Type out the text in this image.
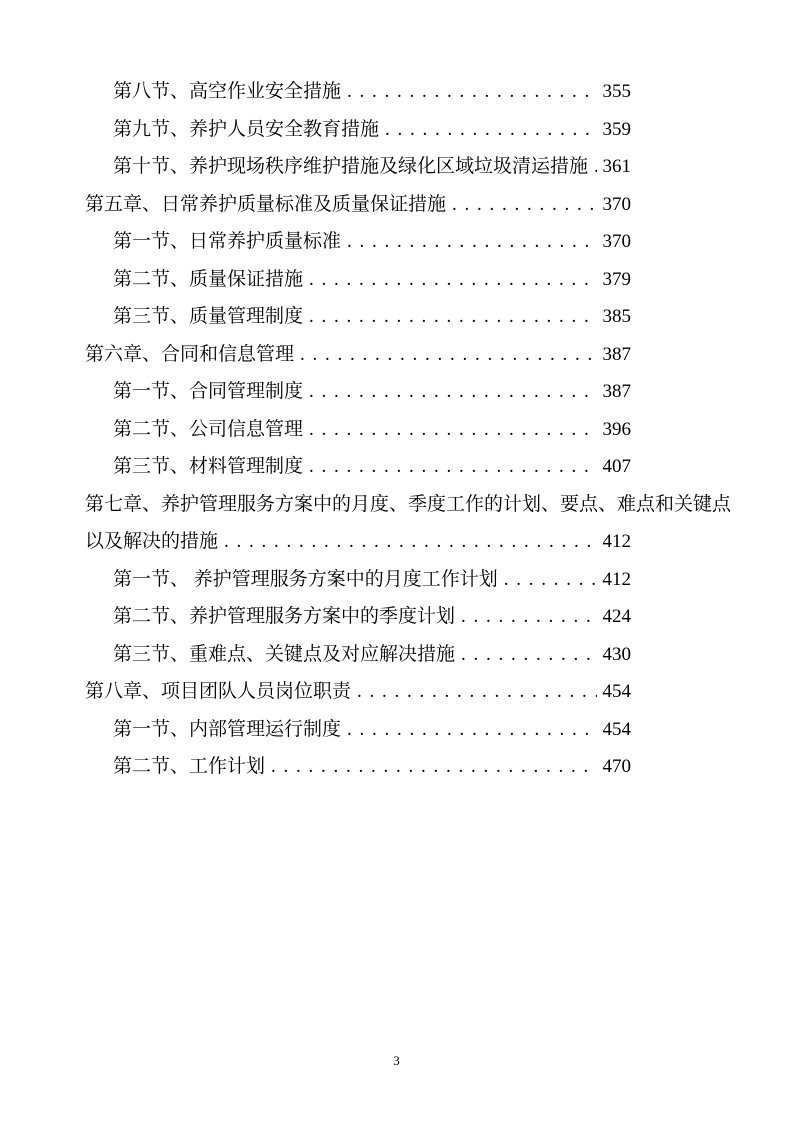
第八节、高空作业安全措施 . . .	355
第九节、养护人员安全教育措施 . . .	359
第十节、养护现场秩序维护措施及绿化区域垃圾清运措施 . . . 361
第五章、日常养护质量标准及质量保证措施 . . .	370
第一节、日常养护质量标准 . . .	370
第二节、质量保证措施 . . .	379
第三节、质量管理制度 . . .	385
第六章、合同和信息管理 . . .	387
第一节、合同管理制度 . . .	387
第二节、公司信息管理 . . .	396
第三节、材料管理制度 . . .	407
第七章、养护管理服务方案中的月度、季度工作的计划、要点、难点和关键点
以及解决的措施 . . .	412
第一节、 养护管理服务方案中的月度工作计划 . . .	412
第二节、养护管理服务方案中的季度计划 . . .	424
第三节、重难点、关键点及对应解决措施 . . .	430
第八章、项目团队人员岗位职责 . . .	454
第一节、内部管理运行制度 . . .	454
第二节、工作计划 . . .	470
3
